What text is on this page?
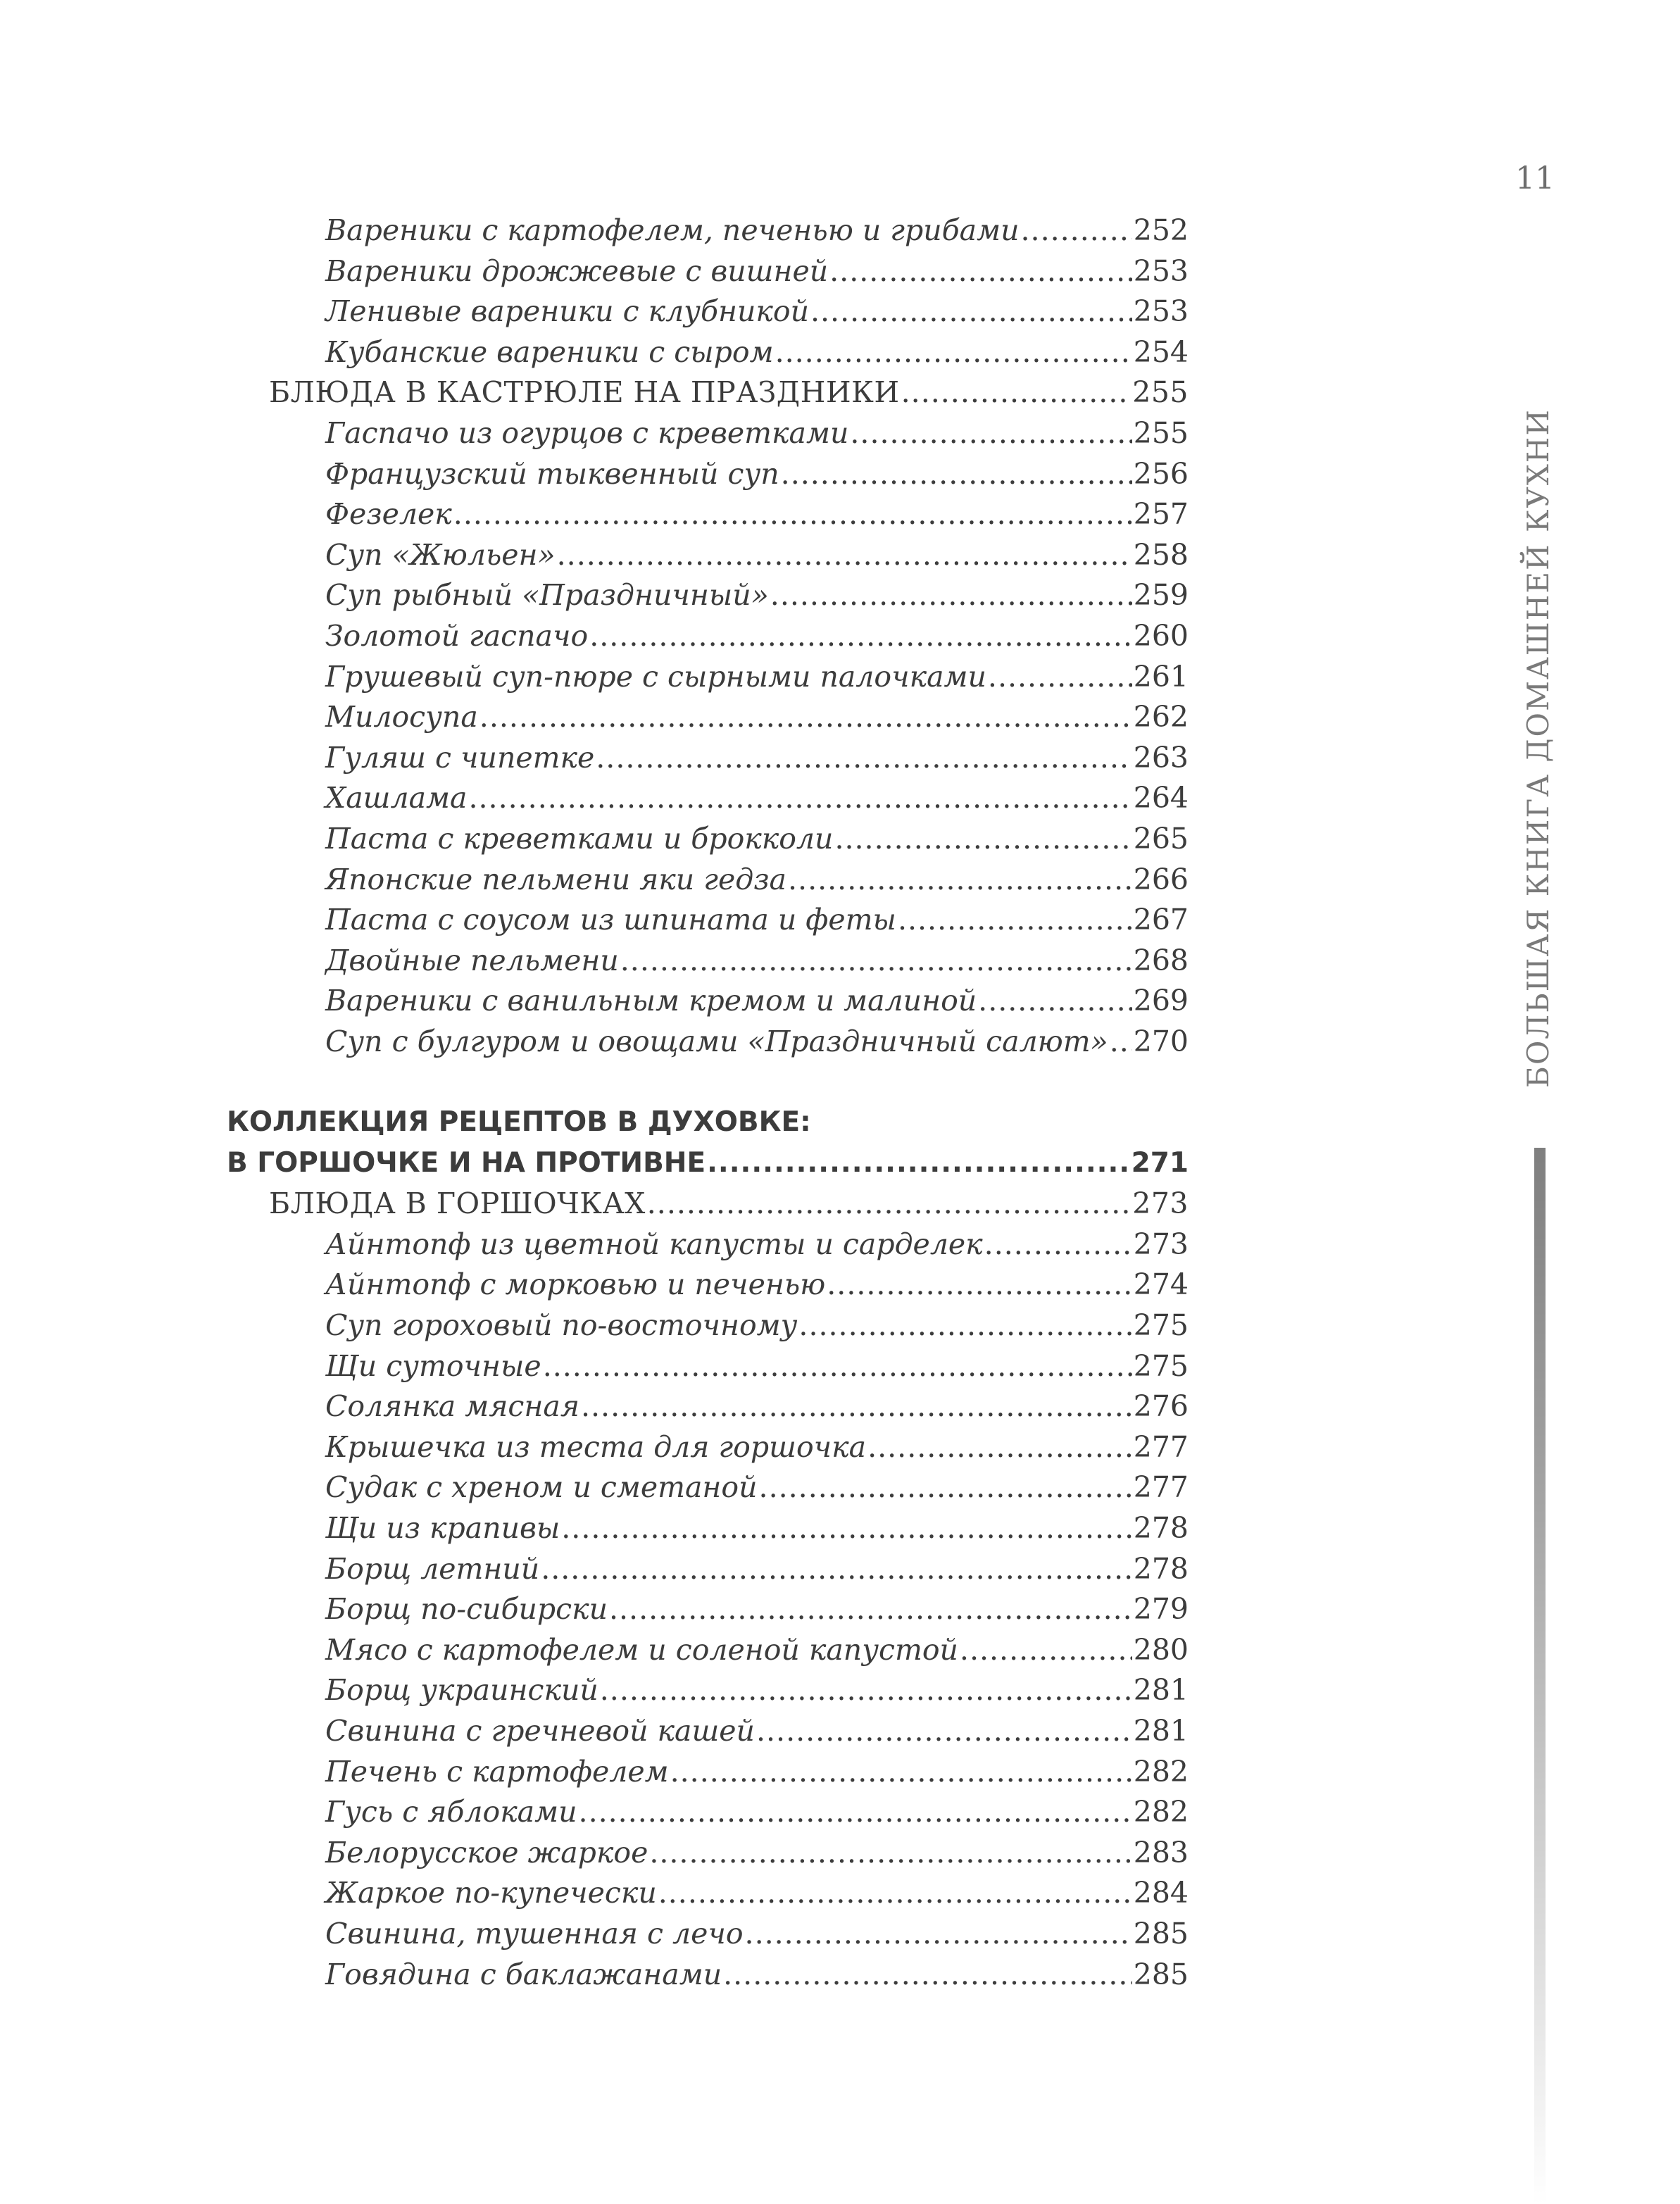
11
БОЛЬШАЯ КНИГА ДОМАШНЕЙ КУХНИ
КОЛЛЕКЦИЯ РЕЦЕПТОВ В ДУХОВКЕ:
В ГОРШОЧКЕ И НА ПРОТИВНЕ .....	271
Вареники с картофелем, печенью и грибами .....	252
Вареники дрожжевые с вишней .....	253
Ленивые вареники с клубникой .....	253
Кубанские вареники с сыром .....	254
БЛЮДА В КАСТРЮЛЕ НА ПРАЗДНИКИ .....	255
Гаспачо из огурцов с креветками .....	255
Французский тыквенный суп .....	256
Фезелек .....	257
Суп «Жюльен» .....	258
Суп рыбный «Праздничный» .....	259
Золотой гаспачо .....	260
Грушевый суп-пюре с сырными палочками .....	261
Милосупа .....	262
Гуляш с чипетке .....	263
Хашлама .....	264
Паста с креветками и брокколи .....	265
Японские пельмени яки гедза .....	266
Паста с соусом из шпината и феты .....	267
Двойные пельмени .....	268
Вареники с ванильным кремом и малиной .....	269
Суп с булгуром и овощами «Праздничный салют» ..... 270
БЛЮДА В ГОРШОЧКАХ .....	273
Айнтопф из цветной капусты и сарделек .....	273
Айнтопф с морковью и печенью .....	274
Суп гороховый по-восточному .....	275
Щи суточные .....	275
Солянка мясная .....	276
Крышечка из теста для горшочка .....	277
Судак с хреном и сметаной .....	277
Щи из крапивы .....	278
Борщ летний .....	278
Борщ по-сибирски .....	279
Мясо с картофелем и соленой капустой .....	280
Борщ украинский .....	281
Свинина с гречневой кашей .....	281
Печень с картофелем .....	282
Гусь с яблоками .....	282
Белорусское жаркое .....	283
Жаркое по-купечески .....	284
Свинина, тушенная с лечо .....	285
Говядина с баклажанами .....	285
